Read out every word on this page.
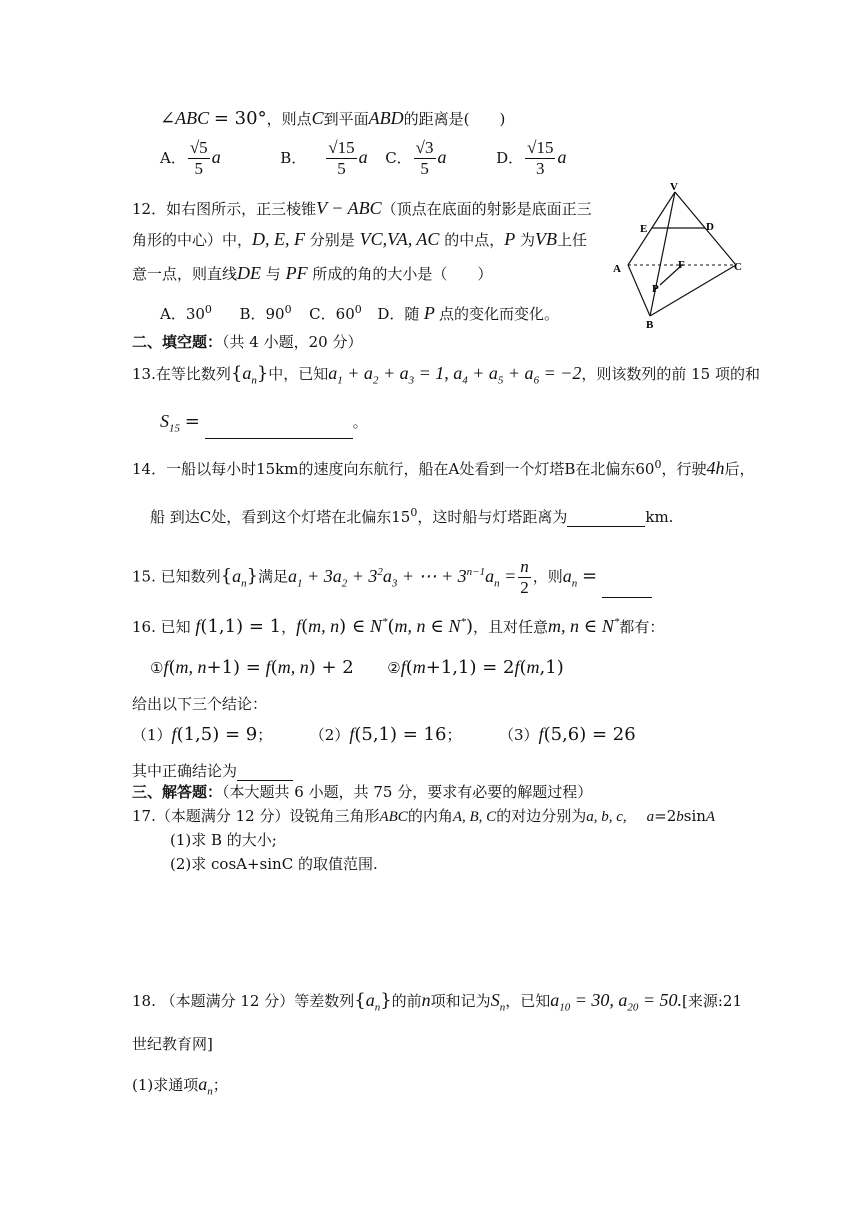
∠ABC = 30°，则点C到平面ABD的距离是(　　)
A． $\frac{√5}{5}$ a	B． $\frac{√15}{5}$ a C． $\frac{√3}{5}$ a	D． $\frac{√15}{3}$ a
12．如右图所示，正三棱锥V − ABC（顶点在底面的射影是底面正三
角形的中心）中，D, E, F 分别是 VC,VA, AC 的中点，P 为VB上任
意一点，则直线DE 与 PF 所成的角的大小是（　　）
A．$30^0$ B．$90^0$ C．$60^0$ D．随 P 点的变化而变化。
V
E	D
A	F	C
P
B
二、填空题：（共 4 小题，20 分）
13.在等比数列$\{a_n\}$中，已知$a_1 + a_2 + a_3 = 1$, $a_4 + a_5 + a_6 = -2$，则该数列的前 15 项的和
$S_{15}$ =	。
14．一船以每小时15km的速度向东航行，船在A处看到一个灯塔B在北偏东$60^0$，行驶4h后，
船 到达C处，看到这个灯塔在北偏东$15^0$，这时船与灯塔距离为	km.
15. 已知数列$\{a_n\}$满足$a_1 + 3a_2 + 3^2a_3$ + ⋯ + $3^{n-1}a_n = \frac{n}{2}$ ，则$a_n$ =
16. 已知 f(1,1) = 1，f(m, n) ∈ N*(m, n ∈ N*)，且对任意m, n ∈ N*都有：
①f(m, n+1) = f(m, n) + 2 ②f(m+1,1) = 2f(m,1)
给出以下三个结论：
（1）f(1,5) = 9；  （2）f(5,1) = 16；  （3）f(5,6) = 26
其中正确结论为
三、解答题：（本大题共 6 小题，共 75 分，要求有必要的解题过程）
17.（本题满分 12 分）设锐角三角形ABC的内角A, B, C的对边分别为a, b, c, a=2bsinA
(1)求 B 的大小;
(2)求 cosA+sinC 的取值范围.
18. （本题满分 12 分）等差数列$\{a_n\}$的前n项和记为$S_n$，已知$a_{10} = 30$, $a_{20} = 50$.[来源:21
世纪教育网]
(1)求通项$a_n$；
